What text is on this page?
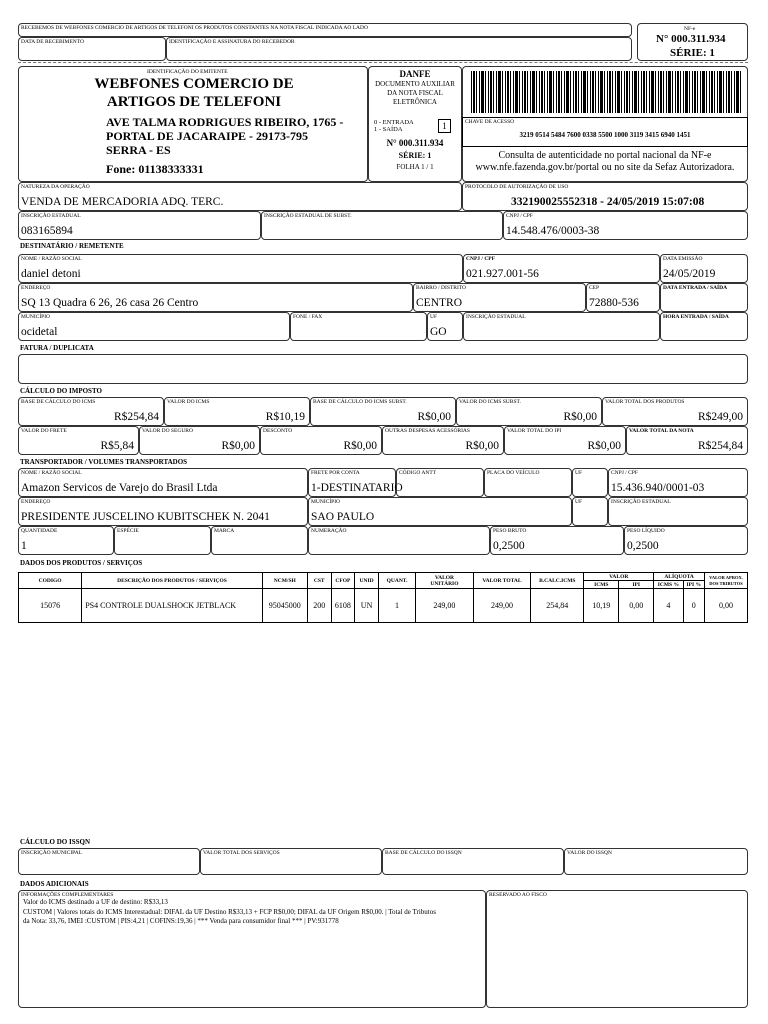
RECEBEMOS DE WEBFONES COMERCIO DE ARTIGOS DE TELEFONI OS PRODUTOS CONSTANTES NA NOTA FISCAL INDICADA AO LADO
DATA DE RECEBIMENTO	IDENTIFICAÇÃO E ASSINATURA DO RECEBEDOR
NF-e
N° 000.311.934
SÉRIE: 1
IDENTIFICAÇÃO DO EMITENTE
WEBFONES COMERCIO DE
ARTIGOS DE TELEFONI
AVE TALMA RODRIGUES RIBEIRO, 1765 -
PORTAL DE JACARAIPE - 29173-795
SERRA - ES
Fone: 01138333331
DANFE
DOCUMENTO AUXILIAR
DA NOTA FISCAL
ELETRÔNICA
0 - ENTRADA
1 - SAÍDA	1
N° 000.311.934
SÉRIE: 1
FOLHA 1 / 1
CHAVE DE ACESSO
3219 0514 5484 7600 0338 5500 1000 3119 3415 6940 1451
Consulta de autenticidade no portal nacional da NF-e
www.nfe.fazenda.gov.br/portal ou no site da Sefaz Autorizadora.
NATUREZA DA OPERAÇÃO
VENDA DE MERCADORIA ADQ. TERC.
PROTOCOLO DE AUTORIZAÇÃO DE USO
332190025552318 - 24/05/2019 15:07:08
INSCRIÇÃO ESTADUAL
083165894
INSCRIÇÃO ESTADUAL DE SUBST.	CNPJ / CPF
14.548.476/0003-38
DESTINATÁRIO / REMETENTE
NOME / RAZÃO SOCIAL
daniel detoni
CNPJ / CPF
021.927.001-56
DATA EMISSÃO
24/05/2019
ENDEREÇO
SQ 13 Quadra 6 26, 26 casa 26 Centro
BAIRRO / DISTRITO
CENTRO
CEP
72880-536
DATA ENTRADA / SAÍDA
MUNICÍPIO
ocidetal
FONE / FAX	UF
GO
INSCRIÇÃO ESTADUAL	HORA ENTRADA / SAÍDA
FATURA / DUPLICATA
CÁLCULO DO IMPOSTO
BASE DE CÁLCULO DO ICMS
R$254,84
VALOR DO ICMS
R$10,19
BASE DE CÁLCULO DO ICMS SUBST.
R$0,00
VALOR DO ICMS SUBST.
R$0,00
VALOR TOTAL DOS PRODUTOS
R$249,00
VALOR DO FRETE
R$5,84
VALOR DO SEGURO
R$0,00
DESCONTO
R$0,00
OUTRAS DESPESAS ACESSÓRIAS
R$0,00
VALOR TOTAL DO IPI
R$0,00
VALOR TOTAL DA NOTA
R$254,84
TRANSPORTADOR / VOLUMES TRANSPORTADOS
NOME / RAZÃO SOCIAL
Amazon Servicos de Varejo do Brasil Ltda
FRETE POR CONTA
1-DESTINATARIO
CÓDIGO ANTT	PLACA DO VEÍCULO	UF	CNPJ / CPF
15.436.940/0001-03
ENDEREÇO
PRESIDENTE JUSCELINO KUBITSCHEK N. 2041
MUNICÍPIO
SAO PAULO
UF	INSCRIÇÃO ESTADUAL
QUANTIDADE
1
ESPÉCIE	MARCA	NUMERAÇÃO	PESO BRUTO
0,2500
PESO LÍQUIDO
0,2500
DADOS DOS PRODUTOS / SERVIÇOS
CODIGO	DESCRIÇÃO DOS PRODUTOS / SERVIÇOS	NCM/SH	CST	CFOP	UNID	QUANT.	VALOR
UNITÁRIO	VALOR TOTAL	B.CALC.ICMS	VALOR		ALÍQUOTA		VALOR APROX.
DOS TRIBUTOS
										ICMS	IPI	ICMS %	IPI %	
15076	PS4 CONTROLE DUALSHOCK JETBLACK	95045000	200	6108	UN	1	249,00	249,00	254,84	10,19	0,00	4	0	0,00
CÁLCULO DO ISSQN
INSCRIÇÃO MUNICIPAL	VALOR TOTAL DOS SERVIÇOS	BASE DE CÁLCULO DO ISSQN	VALOR DO ISSQN
DADOS ADICIONAIS
INFORMAÇÕES COMPLEMENTARES
Valor do ICMS destinado a UF de destino: R$33,13
CUSTOM | Valores totais do ICMS Interestadual: DIFAL da UF Destino R$33,13 + FCP R$0,00; DIFAL da UF Origem R$0,00. | Total de Tributos
da Nota: 33,76, IMEI :CUSTOM | PIS:4,21 | COFINS:19,36 | *** Venda para consumidor final *** | PV:931778
RESERVADO AO FISCO
